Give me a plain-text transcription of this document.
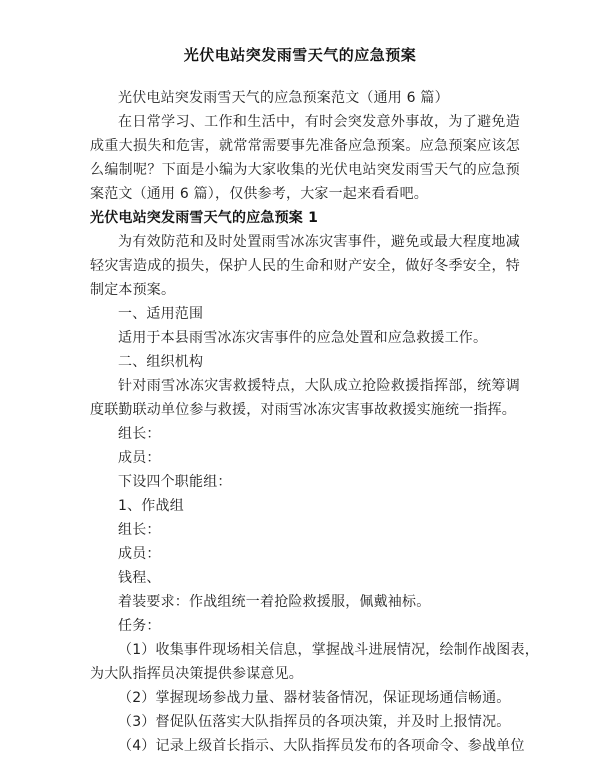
光伏电站突发雨雪天气的应急预案
光伏电站突发雨雪天气的应急预案范文（通用 6 篇）
在日常学习、工作和生活中，有时会突发意外事故，为了避免造
成重大损失和危害，就常常需要事先准备应急预案。应急预案应该怎
么编制呢？下面是小编为大家收集的光伏电站突发雨雪天气的应急预
案范文（通用 6 篇），仅供参考，大家一起来看看吧。
光伏电站突发雨雪天气的应急预案 1
为有效防范和及时处置雨雪冰冻灾害事件，避免或最大程度地减
轻灾害造成的损失，保护人民的生命和财产安全，做好冬季安全，特
制定本预案。
一、适用范围
适用于本县雨雪冰冻灾害事件的应急处置和应急救援工作。
二、组织机构
针对雨雪冰冻灾害救援特点，大队成立抢险救援指挥部，统筹调
度联勤联动单位参与救援，对雨雪冰冻灾害事故救援实施统一指挥。
组长：
成员：
下设四个职能组：
1、作战组
组长：
成员：
钱程、
着装要求：作战组统一着抢险救援服，佩戴袖标。
任务：
（1）收集事件现场相关信息，掌握战斗进展情况，绘制作战图表，
为大队指挥员决策提供参谋意见。
（2）掌握现场参战力量、器材装备情况，保证现场通信畅通。
（3）督促队伍落实大队指挥员的各项决策，并及时上报情况。
（4）记录上级首长指示、大队指挥员发布的各项命令、参战单位
